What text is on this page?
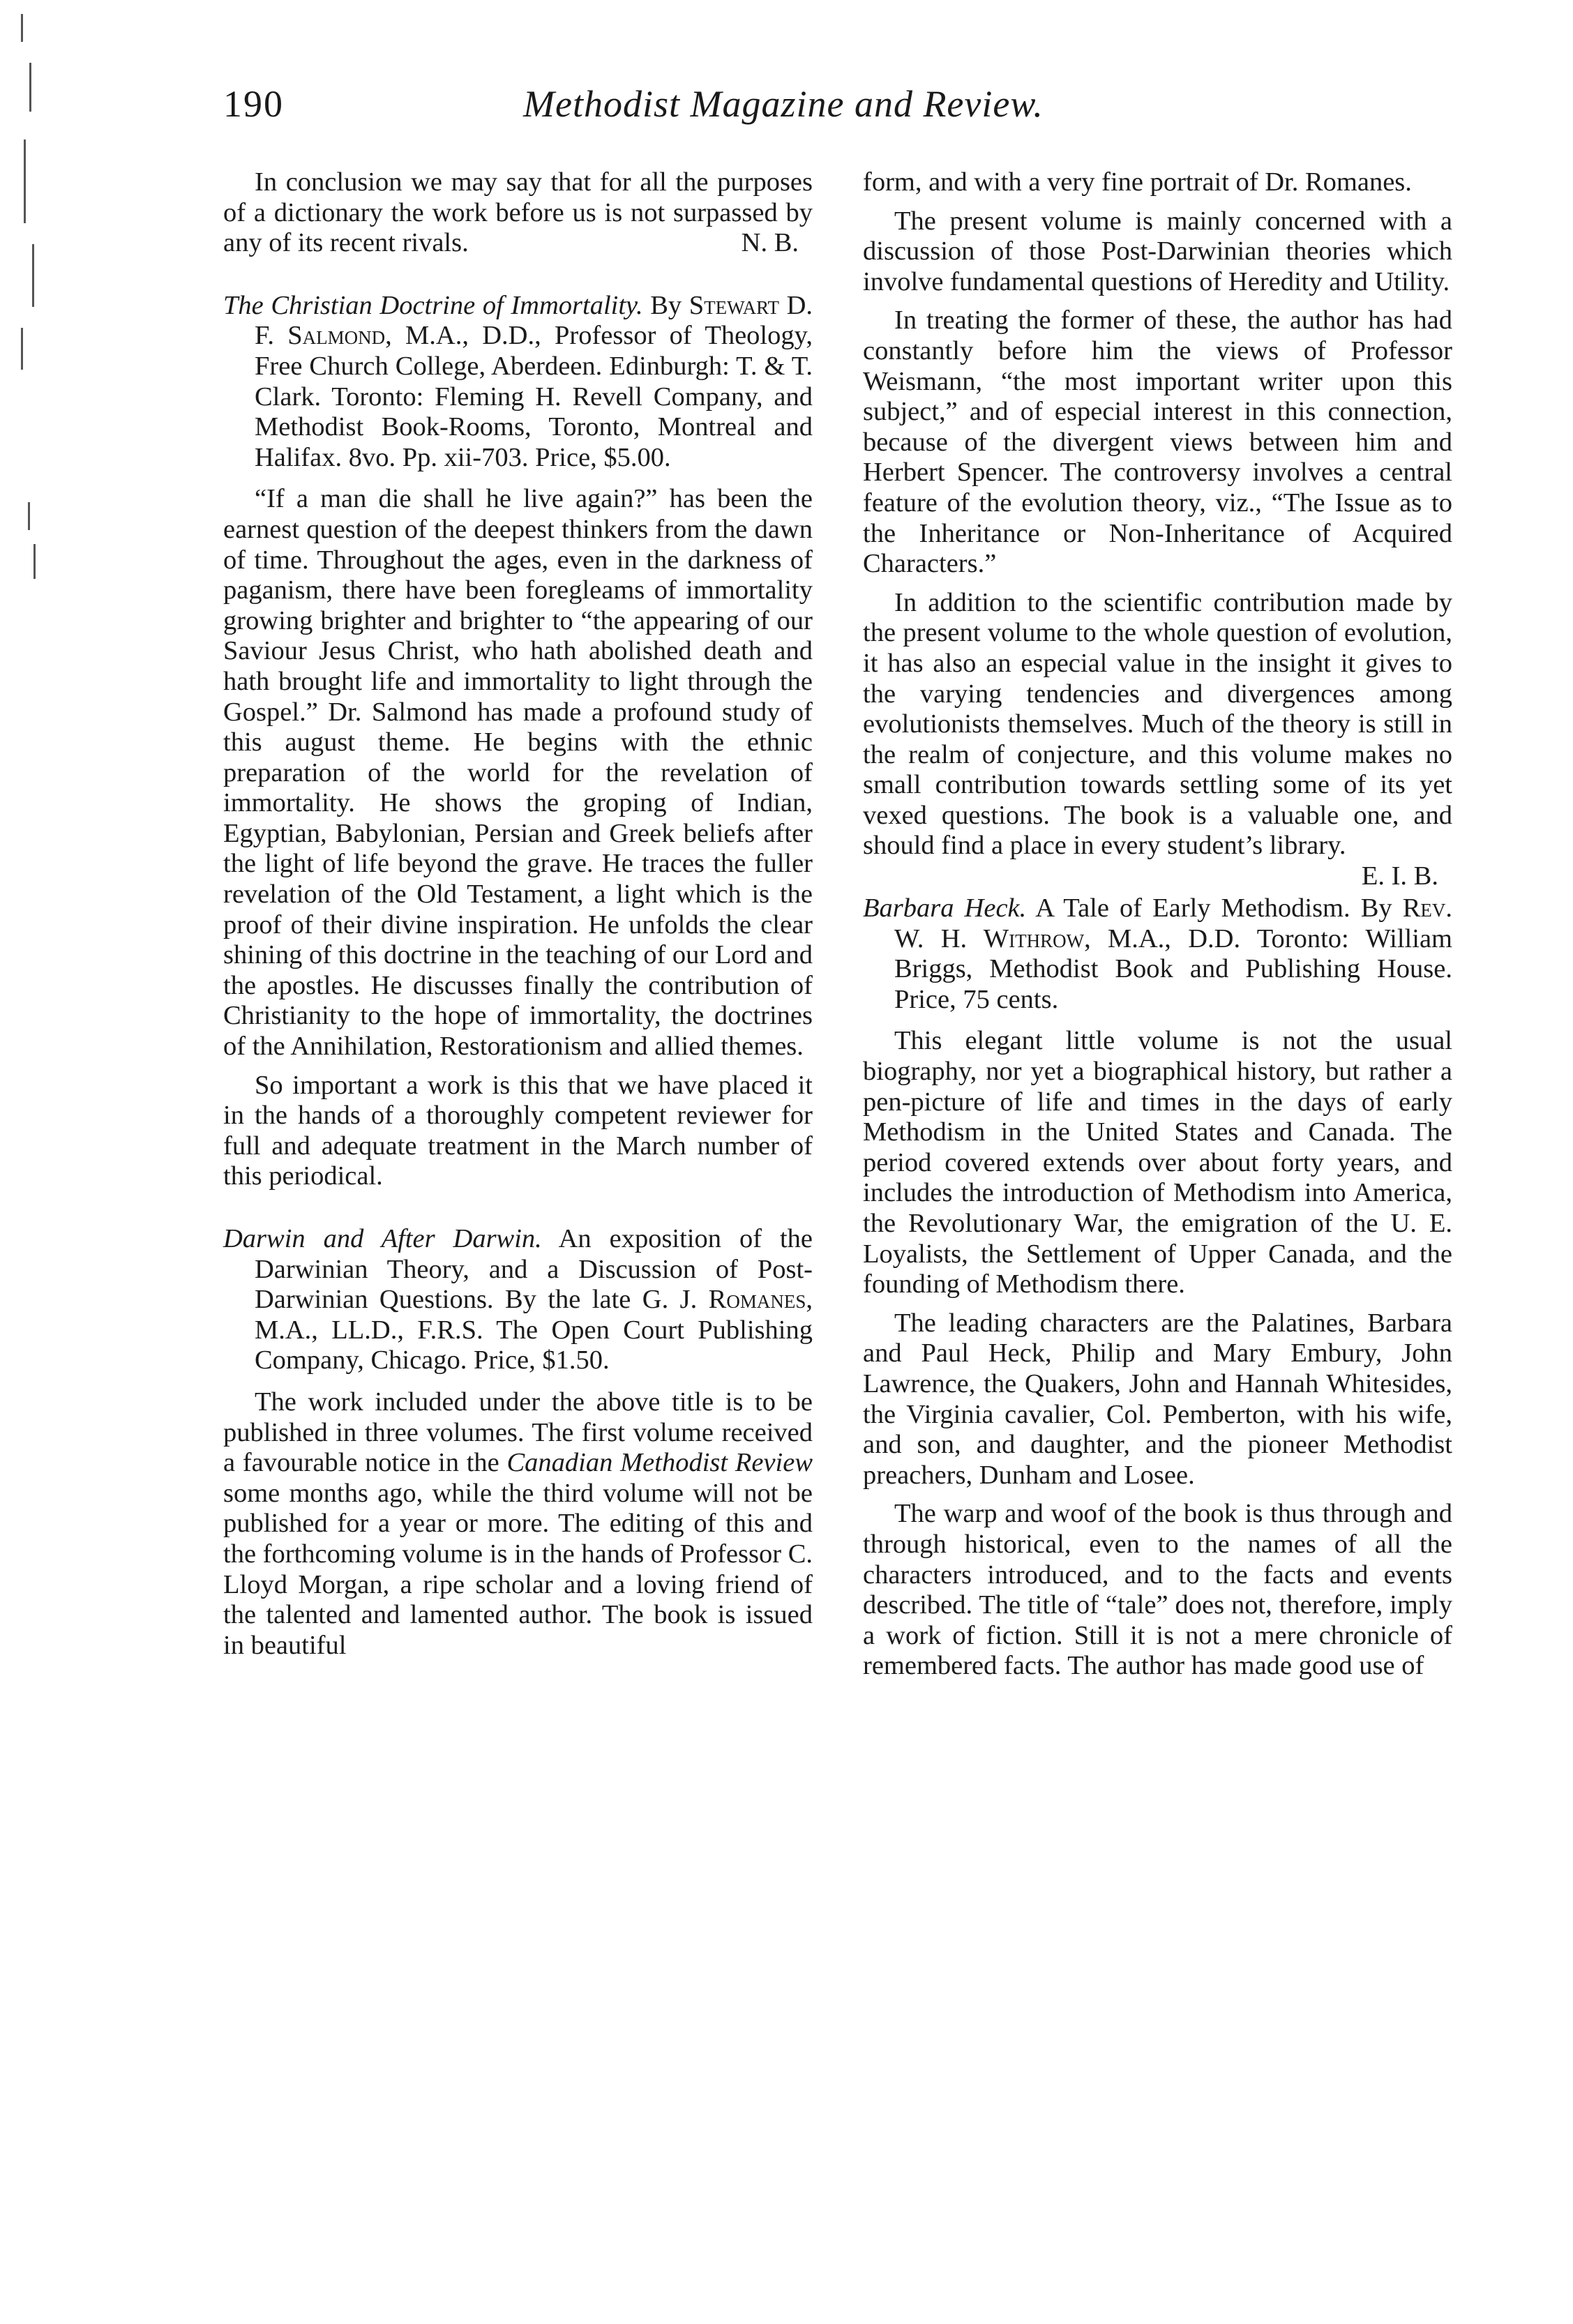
190	Methodist Magazine and Review.

In conclusion we may say that for all the purposes of a dictionary the work before us is not surpassed by any of its recent rivals.	N. B.

The Christian Doctrine of Immortality. By Stewart D. F. Salmond, M.A., D.D., Professor of Theology, Free Church College, Aberdeen. Edinburgh: T. & T. Clark. Toronto: Fleming H. Revell Company, and Methodist Book-Rooms, Toronto, Montreal and Halifax. 8vo. Pp. xii-703. Price, $5.00.

“If a man die shall he live again?” has been the earnest question of the deepest thinkers from the dawn of time. Throughout the ages, even in the darkness of paganism, there have been foregleams of immortality growing brighter and brighter to “the appearing of our Saviour Jesus Christ, who hath abolished death and hath brought life and immortality to light through the Gospel.” Dr. Salmond has made a profound study of this august theme. He begins with the ethnic preparation of the world for the revelation of immortality. He shows the groping of Indian, Egyptian, Babylonian, Persian and Greek beliefs after the light of life beyond the grave. He traces the fuller revelation of the Old Testament, a light which is the proof of their divine inspiration. He unfolds the clear shining of this doctrine in the teaching of our Lord and the apostles. He discusses finally the contribution of Christianity to the hope of immortality, the doctrines of the Annihilation, Restorationism and allied themes.

So important a work is this that we have placed it in the hands of a thoroughly competent reviewer for full and adequate treatment in the March number of this periodical.

Darwin and After Darwin. An exposition of the Darwinian Theory, and a Discussion of Post-Darwinian Questions. By the late G. J. Romanes, M.A., LL.D., F.R.S. The Open Court Publishing Company, Chicago. Price, $1.50.

The work included under the above title is to be published in three volumes. The first volume received a favourable notice in the Canadian Methodist Review some months ago, while the third volume will not be published for a year or more. The editing of this and the forthcoming volume is in the hands of Professor C. Lloyd Morgan, a ripe scholar and a loving friend of the talented and lamented author. The book is issued in beautiful

form, and with a very fine portrait of Dr. Romanes.

The present volume is mainly concerned with a discussion of those Post-Darwinian theories which involve fundamental questions of Heredity and Utility.

In treating the former of these, the author has had constantly before him the views of Professor Weismann, “the most important writer upon this subject,” and of especial interest in this connection, because of the divergent views between him and Herbert Spencer. The controversy involves a central feature of the evolution theory, viz., “The Issue as to the Inheritance or Non-Inheritance of Acquired Characters.”

In addition to the scientific contribution made by the present volume to the whole question of evolution, it has also an especial value in the insight it gives to the varying tendencies and divergences among evolutionists themselves. Much of the theory is still in the realm of conjecture, and this volume makes no small contribution towards settling some of its yet vexed questions. The book is a valuable one, and should find a place in every student’s library.
E. I. B.

Barbara Heck. A Tale of Early Methodism. By Rev. W. H. Withrow, M.A., D.D. Toronto: William Briggs, Methodist Book and Publishing House. Price, 75 cents.

This elegant little volume is not the usual biography, nor yet a biographical history, but rather a pen-picture of life and times in the days of early Methodism in the United States and Canada. The period covered extends over about forty years, and includes the introduction of Methodism into America, the Revolutionary War, the emigration of the U. E. Loyalists, the Settlement of Upper Canada, and the founding of Methodism there.

The leading characters are the Palatines, Barbara and Paul Heck, Philip and Mary Embury, John Lawrence, the Quakers, John and Hannah Whitesides, the Virginia cavalier, Col. Pemberton, with his wife, and son, and daughter, and the pioneer Methodist preachers, Dunham and Losee.

The warp and woof of the book is thus through and through historical, even to the names of all the characters introduced, and to the facts and events described. The title of “tale” does not, therefore, imply a work of fiction. Still it is not a mere chronicle of remembered facts. The author has made good use of
